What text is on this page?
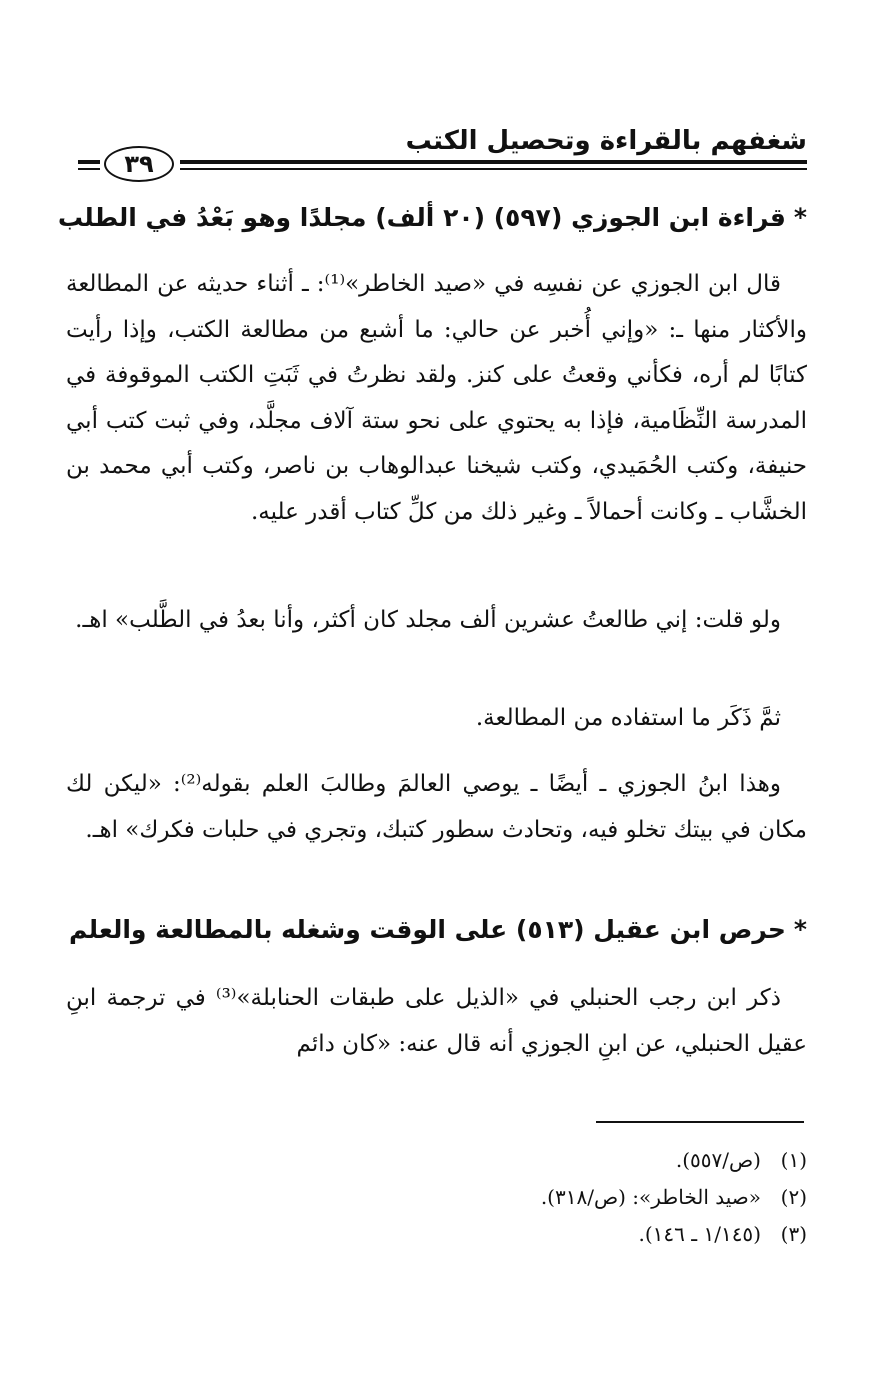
شغفهم بالقراءة وتحصيل الكتب
٣٩
*قراءة ابن الجوزي (٥٩٧) (٢٠ ألف) مجلدًا وهو بَعْدُ في الطلب
قال ابن الجوزي عن نفسِه في «صيد الخاطر»⁽¹⁾: ـ أثناء حديثه عن المطالعة والأكثار منها ـ: «وإني أُخبر عن حالي: ما أشبع من مطالعة الكتب، وإذا رأيت كتابًا لم أره، فكأني وقعتُ على كنز. ولقد نظرتُ في ثَبَتِ الكتب الموقوفة في المدرسة النِّظَامية، فإذا به يحتوي على نحو ستة آلاف مجلَّد، وفي ثبت كتب أبي حنيفة، وكتب الحُمَيدي، وكتب شيخنا عبدالوهاب بن ناصر، وكتب أبي محمد بن الخشَّاب ـ وكانت أحمالاً ـ وغير ذلك من كلِّ كتاب أقدر عليه.
ولو قلت: إني طالعتُ عشرين ألف مجلد كان أكثر، وأنا بعدُ في الطَّلب» اهـ.
ثمَّ ذَكَر ما استفاده من المطالعة.
وهذا ابنُ الجوزي ـ أيضًا ـ يوصي العالمَ وطالبَ العلم بقوله⁽²⁾: «ليكن لك مكان في بيتك تخلو فيه، وتحادث سطور كتبك، وتجري في حلبات فكرك» اهـ.
*حرص ابن عقيل (٥١٣) على الوقت وشغله بالمطالعة والعلم
ذكر ابن رجب الحنبلي في «الذيل على طبقات الحنابلة»⁽³⁾ في ترجمة ابنِ عقيل الحنبلي، عن ابنِ الجوزي أنه قال عنه: «كان دائم
(١)(ص/٥٥٧).
(٢)«صيد الخاطر»: (ص/٣١٨).
(٣)(١/١٤٥ ـ ١٤٦).
